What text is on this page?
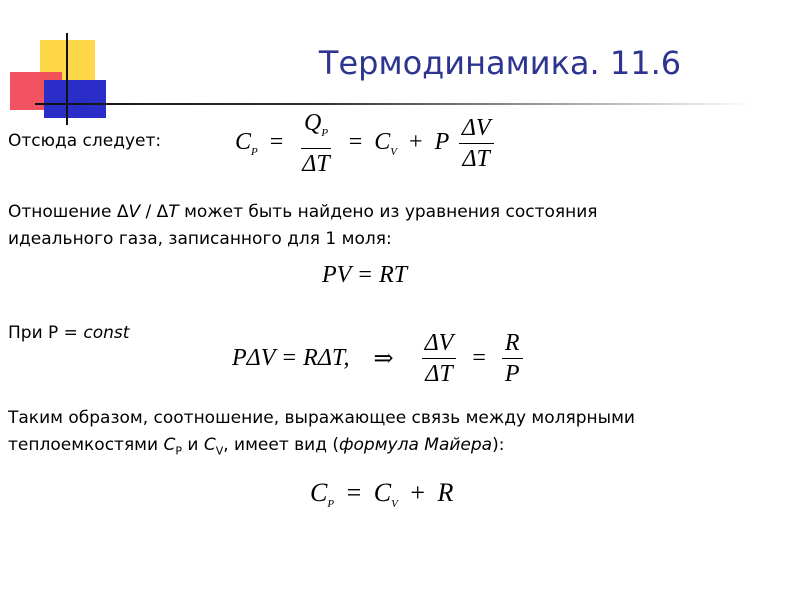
Термодинамика. 11.6
Отсюда следует:	$C_P = \frac{Q_P}{\Delta T} = C_V + P \frac{\Delta V}{\Delta T}$
Отношение ΔV / ΔT может быть найдено из уравнения состояния
идеального газа, записанного для 1 моля:
PV = RT
При Р = const
PΔV = RΔT, ⇒ $\frac{\Delta V}{\Delta T} = \frac{R}{P}$
Таким образом, соотношение, выражающее связь между молярными
теплоемкостями $C_P$ и $C_V$, имеет вид (формула Майера):
$C_P = C_V + R$
